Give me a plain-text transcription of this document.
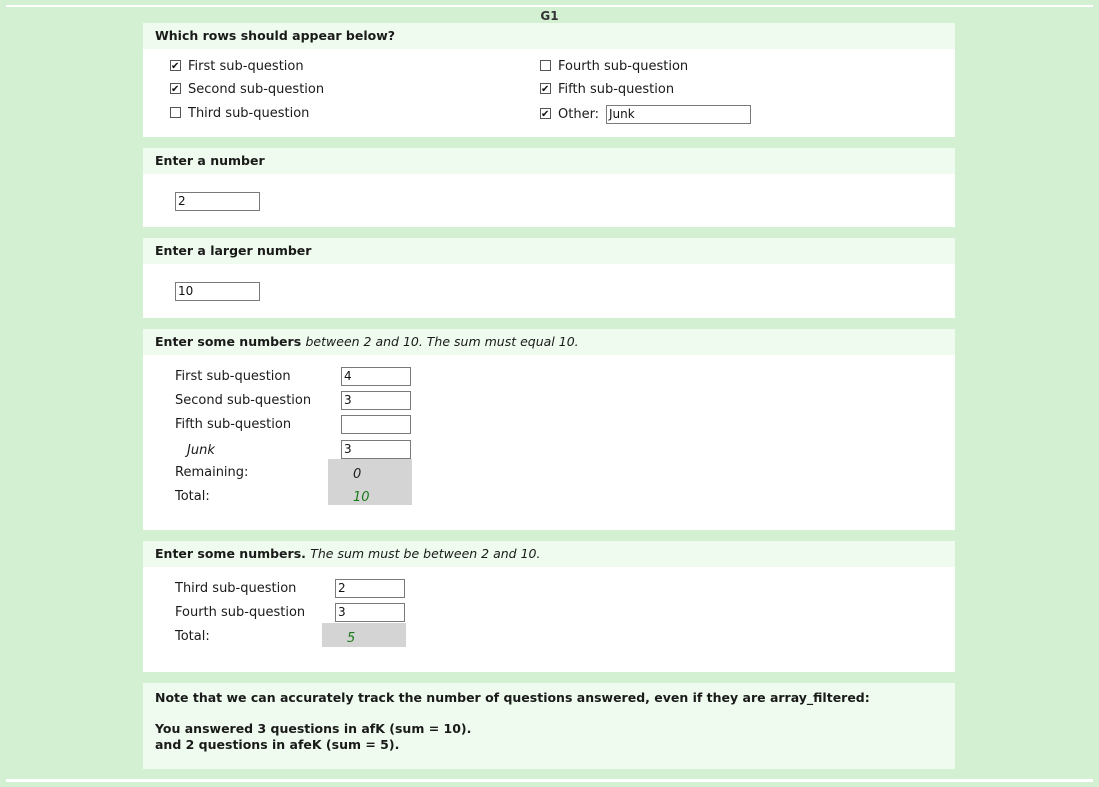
G1
Which rows should appear below?
✔First sub-question
✔Second sub-question
Third sub-question
Fourth sub-question
✔Fifth sub-question
✔Other: Junk
Enter a number
2
Enter a larger number
10
Enter some numbers between 2 and 10. The sum must equal 10.
First sub-question	4
Second sub-question	3
Fifth sub-question
Junk	3
Remaining:	0
Total:	10
Enter some numbers. The sum must be between 2 and 10.
Third sub-question	2
Fourth sub-question	3
Total:	5
Note that we can accurately track the number of questions answered, even if they are array_filtered:
You answered 3 questions in afK (sum = 10).
and 2 questions in afeK (sum = 5).
